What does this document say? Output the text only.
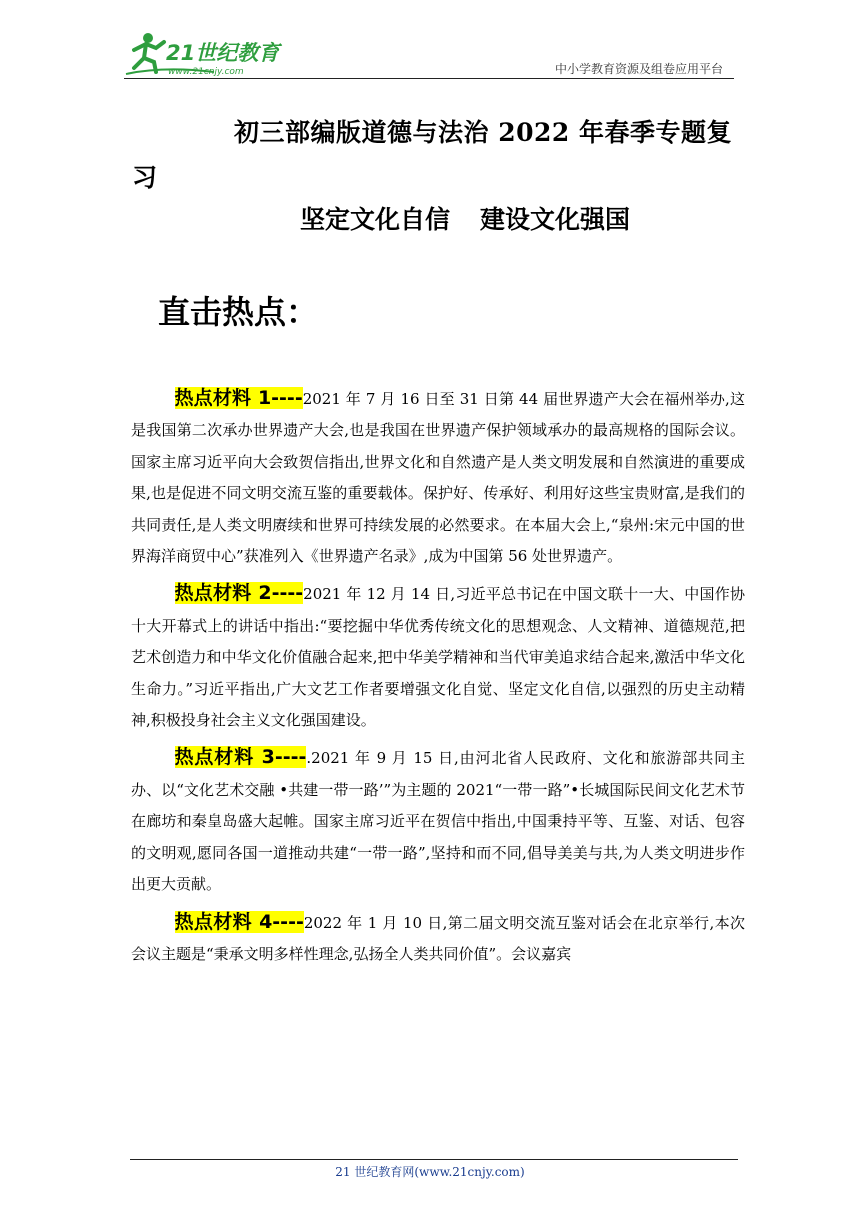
21世纪教育
www.21cnjy.com	中小学教育资源及组卷应用平台
初三部编版道德与法治 2022 年春季专题复
习
坚定文化自信 建设文化强国
直击热点：

热点材料 1----2021 年 7 月 16 日至 31 日第 44 届世界遗产大会在福州举办,这是我国第二次承办世界遗产大会,也是我国在世界遗产保护领域承办的最高规格的国际会议。国家主席习近平向大会致贺信指出,世界文化和自然遗产是人类文明发展和自然演进的重要成果,也是促进不同文明交流互鉴的重要载体。保护好、传承好、利用好这些宝贵财富,是我们的共同责任,是人类文明赓续和世界可持续发展的必然要求。在本届大会上,“泉州:宋元中国的世界海洋商贸中心”获准列入《世界遗产名录》,成为中国第 56 处世界遗产。

热点材料 2----2021 年 12 月 14 日,习近平总书记在中国文联十一大、中国作协十大开幕式上的讲话中指出:“要挖掘中华优秀传统文化的思想观念、人文精神、道德规范,把艺术创造力和中华文化价值融合起来,把中华美学精神和当代审美追求结合起来,激活中华文化生命力。”习近平指出,广大文艺工作者要增强文化自觉、坚定文化自信,以强烈的历史主动精神,积极投身社会主义文化强国建设。

热点材料 3----.2021 年 9 月 15 日,由河北省人民政府、文化和旅游部共同主办、以“文化艺术交融 •共建一带一路’”为主题的 2021“一带一路”•长城国际民间文化艺术节在廊坊和秦皇岛盛大起帷。国家主席习近平在贺信中指出,中国秉持平等、互鉴、对话、包容的文明观,愿同各国一道推动共建“一带一路”,坚持和而不同,倡导美美与共,为人类文明进步作出更大贡献。

热点材料 4----2022 年 1 月 10 日,第二届文明交流互鉴对话会在北京举行,本次会议主题是“秉承文明多样性理念,弘扬全人类共同价值”。会议嘉宾

21 世纪教育网(www.21cnjy.com)
